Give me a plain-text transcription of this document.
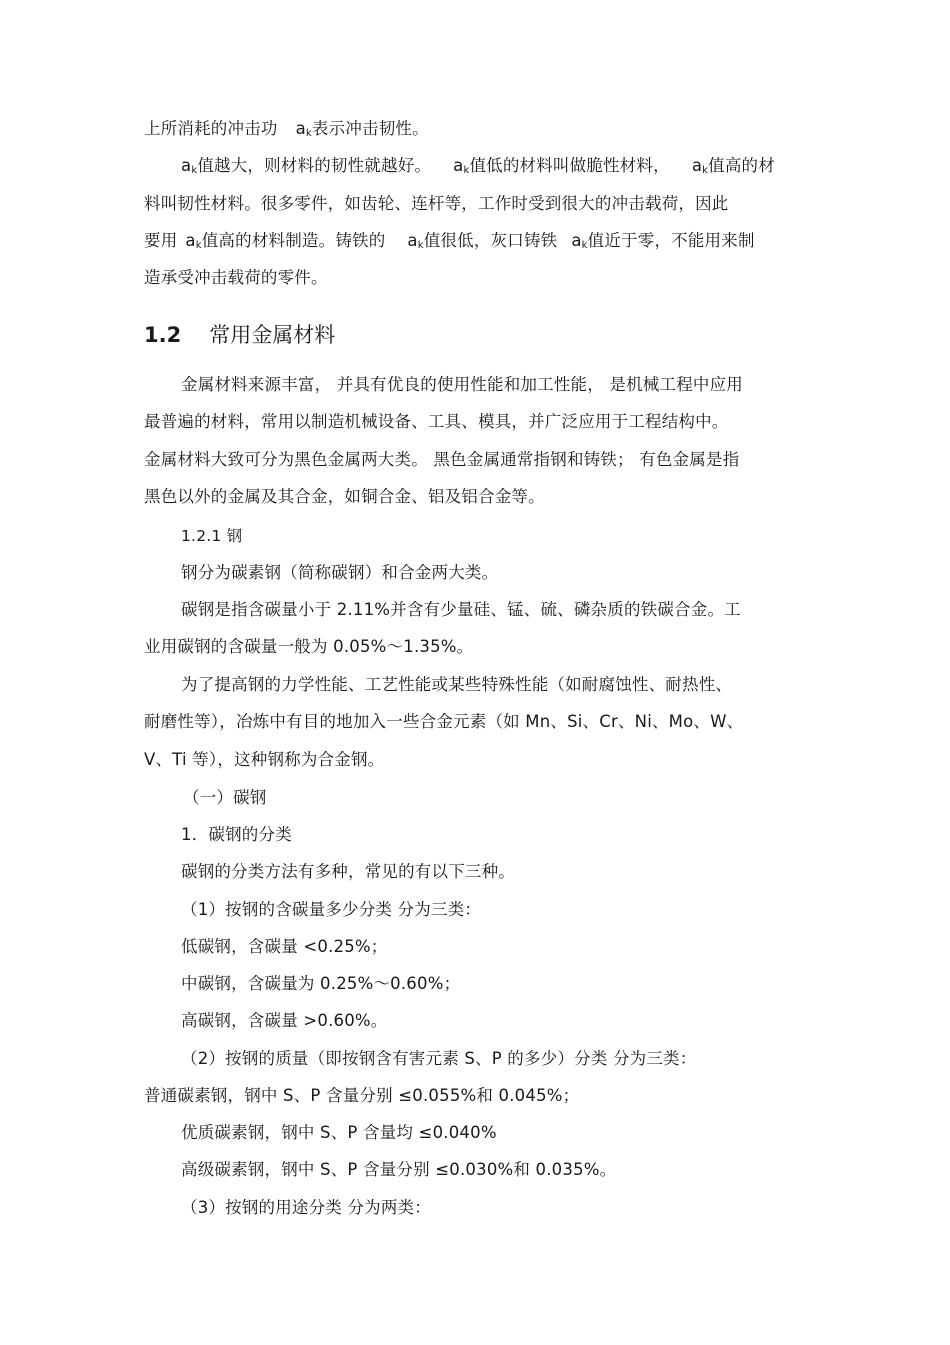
上所消耗的冲击功 $a_k$表示冲击韧性。
$a_k$值越大，则材料的韧性就越好。 $a_k$值低的材料叫做脆性材料， $a_k$值高的材
料叫韧性材料。很多零件，如齿轮、连杆等，工作时受到很大的冲击载荷，因此
要用 $a_k$值高的材料制造。铸铁的 $a_k$值很低，灰口铸铁 $a_k$值近于零，不能用来制
造承受冲击载荷的零件。
1.2 常用金属材料
金属材料来源丰富， 并具有优良的使用性能和加工性能， 是机械工程中应用
最普遍的材料，常用以制造机械设备、工具、模具，并广泛应用于工程结构中。
金属材料大致可分为黑色金属两大类。 黑色金属通常指钢和铸铁； 有色金属是指
黑色以外的金属及其合金，如铜合金、铝及铝合金等。
1.2.1 钢
钢分为碳素钢（简称碳钢）和合金两大类。
碳钢是指含碳量小于 2.11%并含有少量硅、锰、硫、磷杂质的铁碳合金。工
业用碳钢的含碳量一般为 0.05%～1.35%。
为了提高钢的力学性能、工艺性能或某些特殊性能（如耐腐蚀性、耐热性、
耐磨性等），冶炼中有目的地加入一些合金元素（如 Mn、Si、Cr、Ni、Mo、W、
V、Ti 等），这种钢称为合金钢。
（一）碳钢
1．碳钢的分类
碳钢的分类方法有多种，常见的有以下三种。
（1）按钢的含碳量多少分类 分为三类：
低碳钢，含碳量 <0.25%；
中碳钢，含碳量为 0.25%～0.60%；
高碳钢，含碳量 >0.60%。
（2）按钢的质量（即按钢含有害元素 S、P 的多少）分类 分为三类：
普通碳素钢，钢中 S、P 含量分别 ≤0.055%和 0.045%；
优质碳素钢，钢中 S、P 含量均 ≤0.040%
高级碳素钢，钢中 S、P 含量分别 ≤0.030%和 0.035%。
（3）按钢的用途分类 分为两类：
